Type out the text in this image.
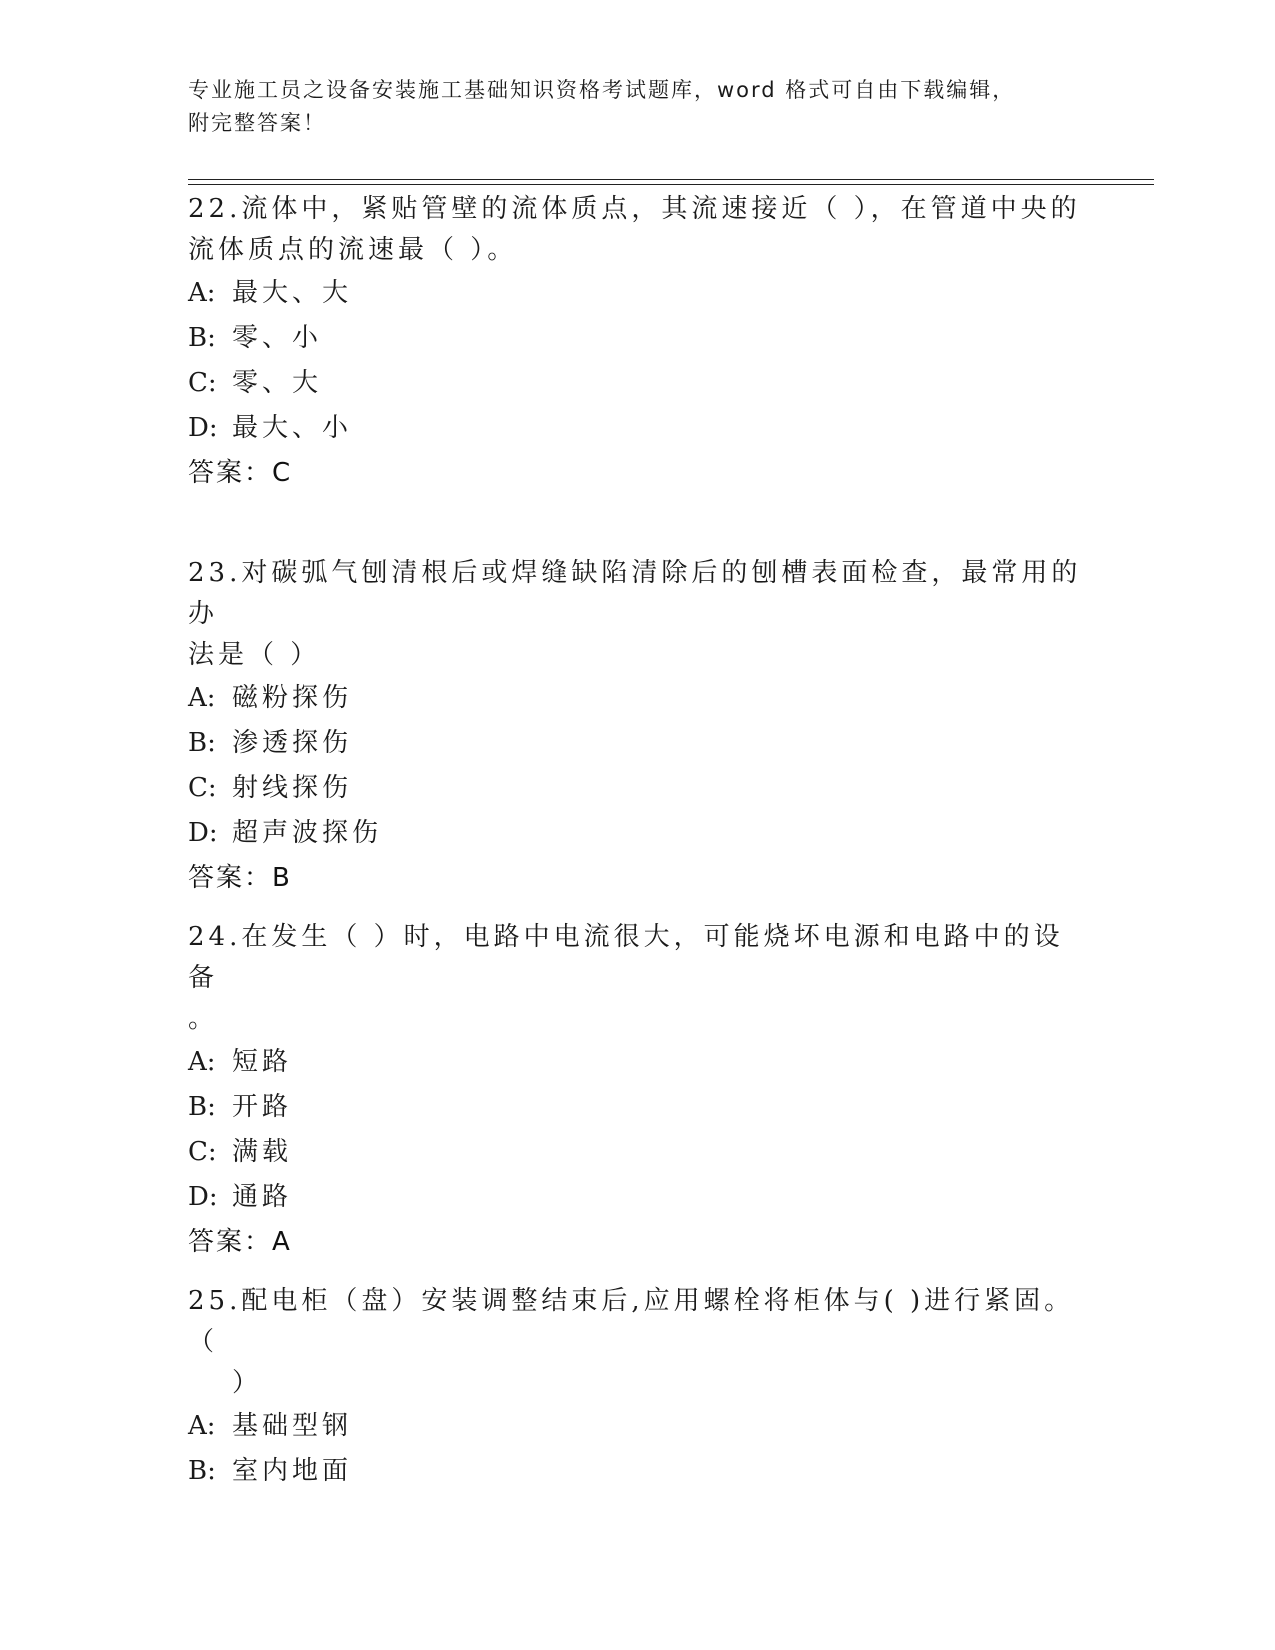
专业施工员之设备安装施工基础知识资格考试题库，word 格式可自由下载编辑，
附完整答案！

22.流体中，紧贴管壁的流体质点，其流速接近（ ），在管道中央的

流体质点的流速最（ ）。

A: 最大、大

B: 零、小

C: 零、大

D: 最大、小

答案：C

23.对碳弧气刨清根后或焊缝缺陷清除后的刨槽表面检查，最常用的办

法是（ ）

A: 磁粉探伤

B: 渗透探伤

C: 射线探伤

D: 超声波探伤

答案：B

24.在发生（ ）时，电路中电流很大，可能烧坏电源和电路中的设备

。

A: 短路

B: 开路

C: 满载

D: 通路

答案：A

25.配电柜（盘）安装调整结束后,应用螺栓将柜体与( )进行紧固。（

）

A: 基础型钢

B: 室内地面
